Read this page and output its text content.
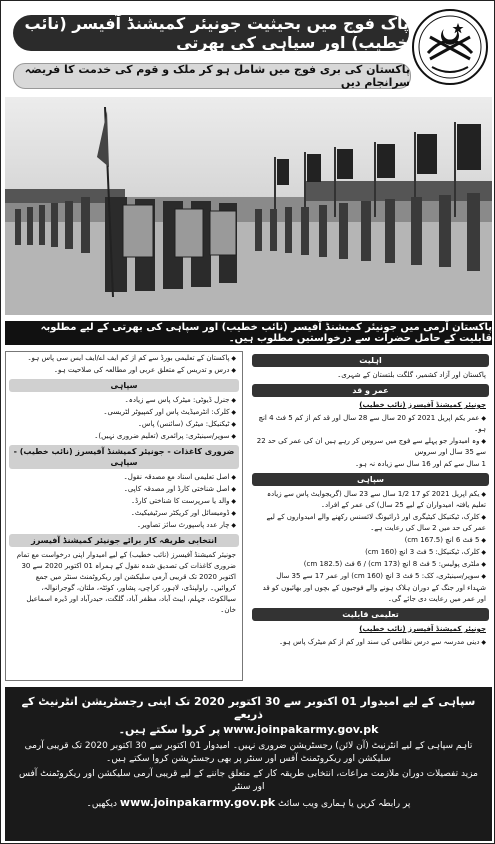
پاک فوج میں بحیثیت جونیئر کمیشنڈ آفیسر (نائب خطیب) اور سپاہی کی بھرتی
پاکستان کی بری فوج میں شامل ہو کر ملک و قوم کی خدمت کا فریضہ سرانجام دیں
پاکستان آرمی میں جونیئر کمیشنڈ آفیسر (نائب خطیب) اور سپاہی کی بھرتی کے لیے مطلوبہ قابلیت کے حامل حضرات سے درخواستیں مطلوب ہیں۔
اہلیت
پاکستان اور آزاد کشمیر، گلگت بلتستان کے شہری۔
عمر و قد
جونیئر کمیشنڈ آفیسرز (نائب خطیب)
◆ عمر یکم اپریل 2021 کو 20 سال سے 28 سال اور قد کم از کم 5 فٹ 4 انچ ہو۔
◆ وہ امیدوار جو پہلے سے فوج میں سروس کر رہے ہیں ان کی عمر کی حد 22 سے 35 سال اور سروس
1 سال سے کم اور 16 سال سے زیادہ نہ ہو۔
سپاہی
◆ یکم اپریل 2021 کو 17 1/2 سال سے 23 سال (گریجوایٹ پاس سے زیادہ تعلیم یافتہ امیدواران کے لیے 25 سال) کی عمر کے افراد۔
◆ کلرک، ٹیکنیکل کیٹیگری اور ڈرائیونگ لائسنس رکھنے والے امیدواروں کے لیے عمر کی حد میں 2 سال کی رعایت ہے۔
◆ 5 فٹ 6 انچ (167.5 cm)
◆ کلرک، ٹیکنیکل: 5 فٹ 3 انچ (160 cm)
◆ ملٹری پولیس: 5 فٹ 8 انچ (173 cm) / 6 فٹ (182.5 cm)
◆ سوپر/سینیٹری، کک: 5 فٹ 3 انچ (160 cm) اور عمر 17 سے 35 سال
شہداء اور جنگ کے دوران ہلاک ہونے والے فوجیوں کے بچوں اور بھائیوں کو قد اور عمر میں رعایت دی جائے گی۔
تعلیمی قابلیت
جونیئر کمیشنڈ آفیسرز (نائب خطیب)
◆ دینی مدرسہ سے درس نظامی کی سند اور کم از کم میٹرک پاس ہو۔
◆ پاکستان کے تعلیمی بورڈ سے کم از کم ایف اے/ایف ایس سی پاس ہو۔
◆ درس و تدریس کے متعلق عربی اور مطالعہ کی صلاحیت ہو۔
سپاہی
◆ جنرل ڈیوٹی: میٹرک پاس سے زیادہ۔
◆ کلرک: انٹرمیڈیٹ پاس اور کمپیوٹر لٹریسی۔
◆ ٹیکنیکل: میٹرک (سائنس) پاس۔
◆ سوپر/سینیٹری: پرائمری (تعلیم ضروری نہیں)۔
ضروری کاغذات - جونیئر کمیشنڈ آفیسرز (نائب خطیب) - سپاہی
◆ اصل تعلیمی اسناد مع مصدقہ نقول۔
◆ اصل شناختی کارڈ اور مصدقہ کاپی۔
◆ والد یا سرپرست کا شناختی کارڈ۔
◆ ڈومیسائل اور کریکٹر سرٹیفیکیٹ۔
◆ چار عدد پاسپورٹ سائز تصاویر۔
انتخابی طریقہ کار برائے جونیئر کمیشنڈ آفیسرز
جونیئر کمیشنڈ آفیسرز (نائب خطیب) کے لیے امیدوار اپنی درخواست مع تمام ضروری کاغذات کی تصدیق شدہ نقول کے ہمراہ 01 اکتوبر 2020 سے 30 اکتوبر 2020 تک قریبی آرمی سلیکشن اور ریکروٹمنٹ سنٹر میں جمع کروائیں۔ راولپنڈی، لاہور، کراچی، پشاور، کوئٹہ، ملتان، گوجرانوالہ، سیالکوٹ، جہلم، ایبٹ آباد، مظفر آباد، گلگت، حیدرآباد اور ڈیرہ اسماعیل خان۔

سپاہی کے لیے امیدوار 01 اکتوبر سے 30 اکتوبر 2020 تک اپنی رجسٹریشن انٹرنیٹ کے ذریعے

www.joinpakarmy.gov.pk پر کروا سکتے ہیں۔

تاہم سپاہی کے لیے انٹرنیٹ (آن لائن) رجسٹریشن ضروری نہیں۔ امیدوار 01 اکتوبر سے 30 اکتوبر 2020 تک قریبی آرمی سلیکشن اور ریکروٹمنٹ آفس اور سنٹر پر بھی رجسٹریشن کروا سکتے ہیں۔

مزید تفصیلات دوران ملازمت مراعات، انتخابی طریقہ کار کے متعلق جاننے کے لیے قریبی آرمی سلیکشن اور ریکروٹمنٹ آفس اور سنٹر

پر رابطہ کریں یا ہماری ویب سائٹ www.joinpakarmy.gov.pk دیکھیں۔
